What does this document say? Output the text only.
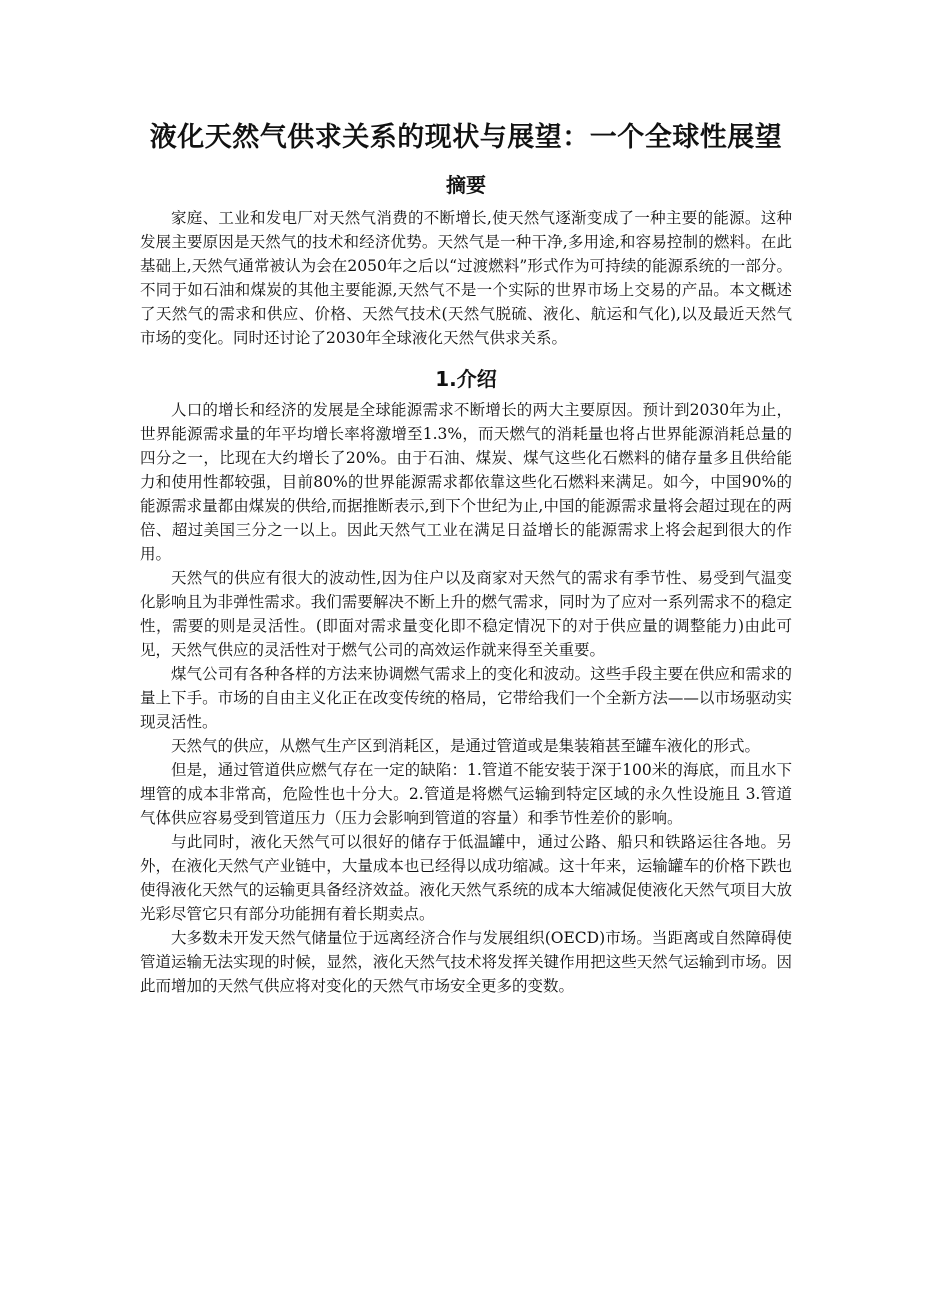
液化天然气供求关系的现状与展望：一个全球性展望
摘要

家庭、工业和发电厂对天然气消费的不断增长,使天然气逐渐变成了一种主要的能源。这种发展主要原因是天然气的技术和经济优势。天然气是一种干净,多用途,和容易控制的燃料。在此基础上,天然气通常被认为会在2050年之后以“过渡燃料”形式作为可持续的能源系统的一部分。不同于如石油和煤炭的其他主要能源,天然气不是一个实际的世界市场上交易的产品。本文概述了天然气的需求和供应、价格、天然气技术(天然气脱硫、液化、航运和气化),以及最近天然气市场的变化。同时还讨论了2030年全球液化天然气供求关系。

1.介绍

人口的增长和经济的发展是全球能源需求不断增长的两大主要原因。预计到2030年为止，世界能源需求量的年平均增长率将激增至1.3%，而天燃气的消耗量也将占世界能源消耗总量的四分之一，比现在大约增长了20%。由于石油、煤炭、煤气这些化石燃料的储存量多且供给能力和使用性都较强，目前80%的世界能源需求都依靠这些化石燃料来满足。如今，中国90%的能源需求量都由煤炭的供给,而据推断表示,到下个世纪为止,中国的能源需求量将会超过现在的两倍、超过美国三分之一以上。因此天然气工业在满足日益增长的能源需求上将会起到很大的作用。

天然气的供应有很大的波动性,因为住户以及商家对天然气的需求有季节性、易受到气温变化影响且为非弹性需求。我们需要解决不断上升的燃气需求，同时为了应对一系列需求不的稳定性，需要的则是灵活性。(即面对需求量变化即不稳定情况下的对于供应量的调整能力)由此可见，天然气供应的灵活性对于燃气公司的高效运作就来得至关重要。

煤气公司有各种各样的方法来协调燃气需求上的变化和波动。这些手段主要在供应和需求的量上下手。市场的自由主义化正在改变传统的格局，它带给我们一个全新方法——以市场驱动实现灵活性。

天然气的供应，从燃气生产区到消耗区，是通过管道或是集装箱甚至罐车液化的形式。

但是，通过管道供应燃气存在一定的缺陷：1.管道不能安装于深于100米的海底，而且水下埋管的成本非常高，危险性也十分大。2.管道是将燃气运输到特定区域的永久性设施且 3.管道气体供应容易受到管道压力（压力会影响到管道的容量）和季节性差价的影响。

与此同时，液化天然气可以很好的储存于低温罐中，通过公路、船只和铁路运往各地。另外，在液化天然气产业链中，大量成本也已经得以成功缩减。这十年来，运输罐车的价格下跌也使得液化天然气的运输更具备经济效益。液化天然气系统的成本大缩减促使液化天然气项目大放光彩尽管它只有部分功能拥有着长期卖点。

大多数未开发天然气储量位于远离经济合作与发展组织(OECD)市场。当距离或自然障碍使管道运输无法实现的时候，显然，液化天然气技术将发挥关键作用把这些天然气运输到市场。因此而增加的天然气供应将对变化的天然气市场安全更多的变数。
